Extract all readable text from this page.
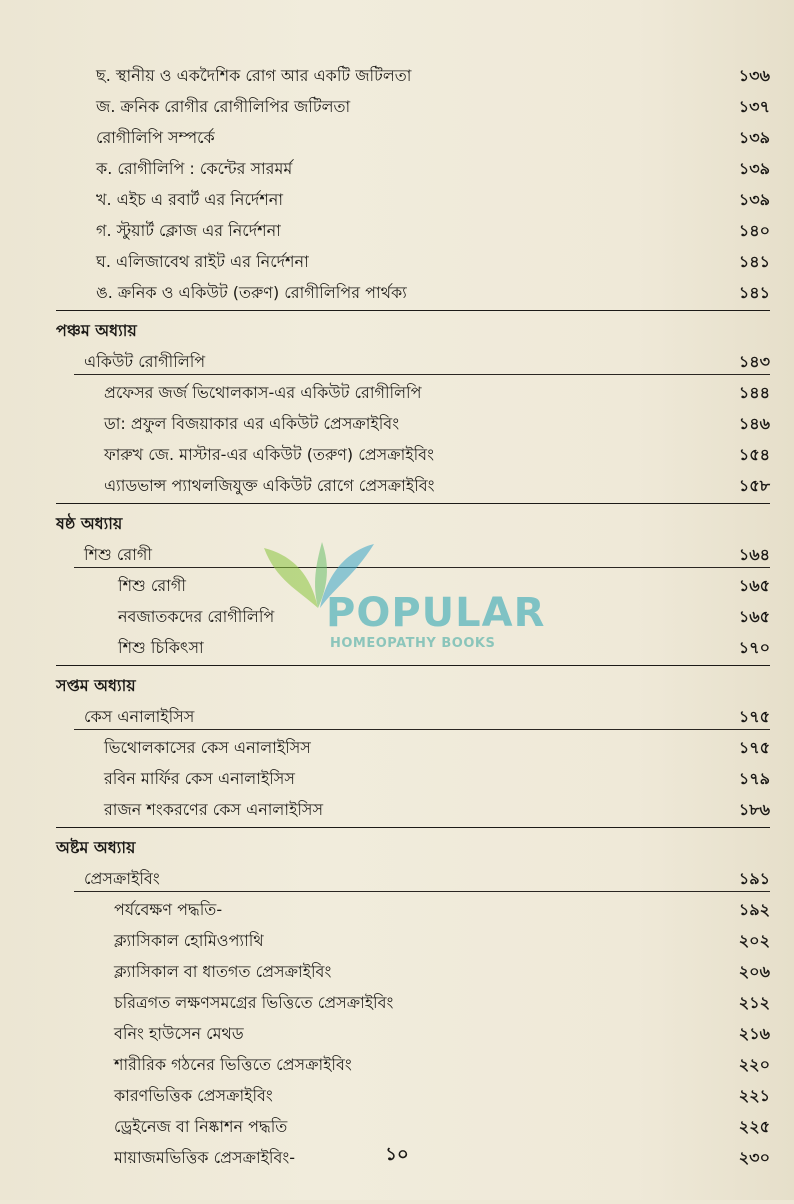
ছ. স্থানীয় ও একদৈশিক রোগ আর একটি জটিলতা	১৩৬
জ. ক্রনিক রোগীর রোগীলিপির জটিলতা	১৩৭
রোগীলিপি সম্পর্কে	১৩৯
ক. রোগীলিপি : কেন্টের সারমর্ম	১৩৯
খ. এইচ এ রবার্ট এর নির্দেশনা	১৩৯
গ. স্টুয়ার্ট ক্লোজ এর নির্দেশনা	১৪০
ঘ. এলিজাবেথ রাইট এর নির্দেশনা	১৪১
ঙ. ক্রনিক ও একিউট (তরুণ) রোগীলিপির পার্থক্য	১৪১
পঞ্চম অধ্যায়
একিউট রোগীলিপি	১৪৩
প্রফেসর জর্জ ভিথোলকাস-এর একিউট রোগীলিপি	১৪৪
ডা: প্রফুল বিজয়াকার এর একিউট প্রেসক্রাইবিং	১৪৬
ফারুখ জে. মাস্টার-এর একিউট (তরুণ) প্রেসক্রাইবিং	১৫৪
এ্যাডভান্স প্যাথলজিযুক্ত একিউট রোগে প্রেসক্রাইবিং	১৫৮
ষষ্ঠ অধ্যায়
শিশু রোগী	১৬৪
শিশু রোগী	১৬৫
নবজাতকদের রোগীলিপি	১৬৫
শিশু চিকিৎসা	১৭০
সপ্তম অধ্যায়
কেস এনালাইসিস	১৭৫
ভিথোলকাসের কেস এনালাইসিস	১৭৫
রবিন মার্ফির কেস এনালাইসিস	১৭৯
রাজন শংকরণের কেস এনালাইসিস	১৮৬
অষ্টম অধ্যায়
প্রেসক্রাইবিং	১৯১
পর্যবেক্ষণ পদ্ধতি-	১৯২
ক্ল্যাসিকাল হোমিওপ্যাথি	২০২
ক্ল্যাসিকাল বা ধাতগত প্রেসক্রাইবিং	২০৬
চরিত্রগত লক্ষণসমগ্রের ভিত্তিতে প্রেসক্রাইবিং	২১২
বনিং হাউসেন মেথড	২১৬
শারীরিক গঠনের ভিত্তিতে প্রেসক্রাইবিং	২২০
কারণভিত্তিক প্রেসক্রাইবিং	২২১
ড্রেইনেজ বা নিষ্কাশন পদ্ধতি	২২৫
মায়াজমভিত্তিক প্রেসক্রাইবিং-	২৩০
POPULAR
HOMEOPATHY BOOKS
১০
